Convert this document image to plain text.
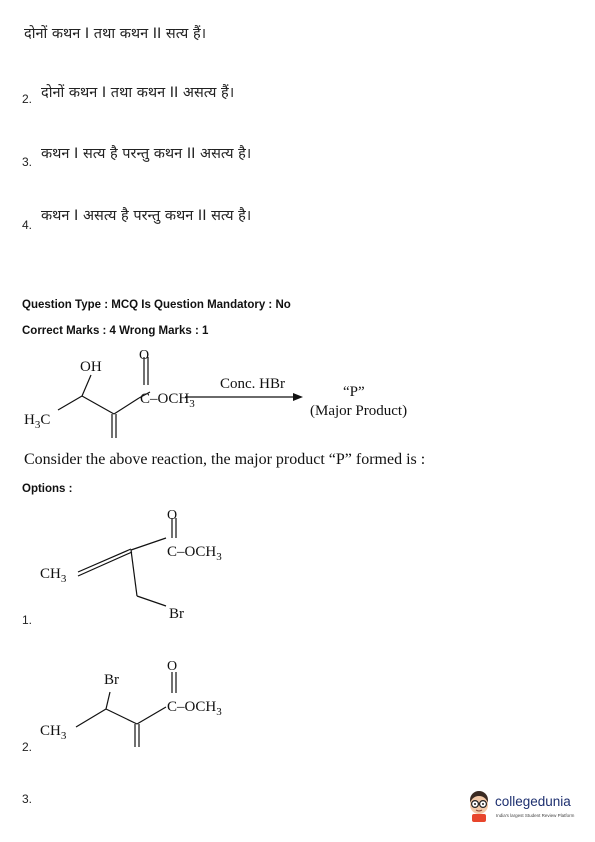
दोनों कथन I तथा कथन II सत्य हैं।
2. दोनों कथन I तथा कथन II असत्य हैं।
3. कथन I सत्य है परन्तु कथन II असत्य है।
4.
कथन I असत्य है परन्तु कथन II सत्य है।
Question Type : MCQ Is Question Mandatory : No
Correct Marks : 4 Wrong Marks : 1
OH
O
$C-OCH_3$
$H_3C$
Conc. HBr	“P”
(Major Product)
Consider the above reaction, the major product “P” formed is :
Options :
O
$C-OCH_3$
$CH_3$
Br
1.
O
Br
$C-OCH_3$
$CH_3$
2.
3.	collegedunia
India's largest Student Review Platform
